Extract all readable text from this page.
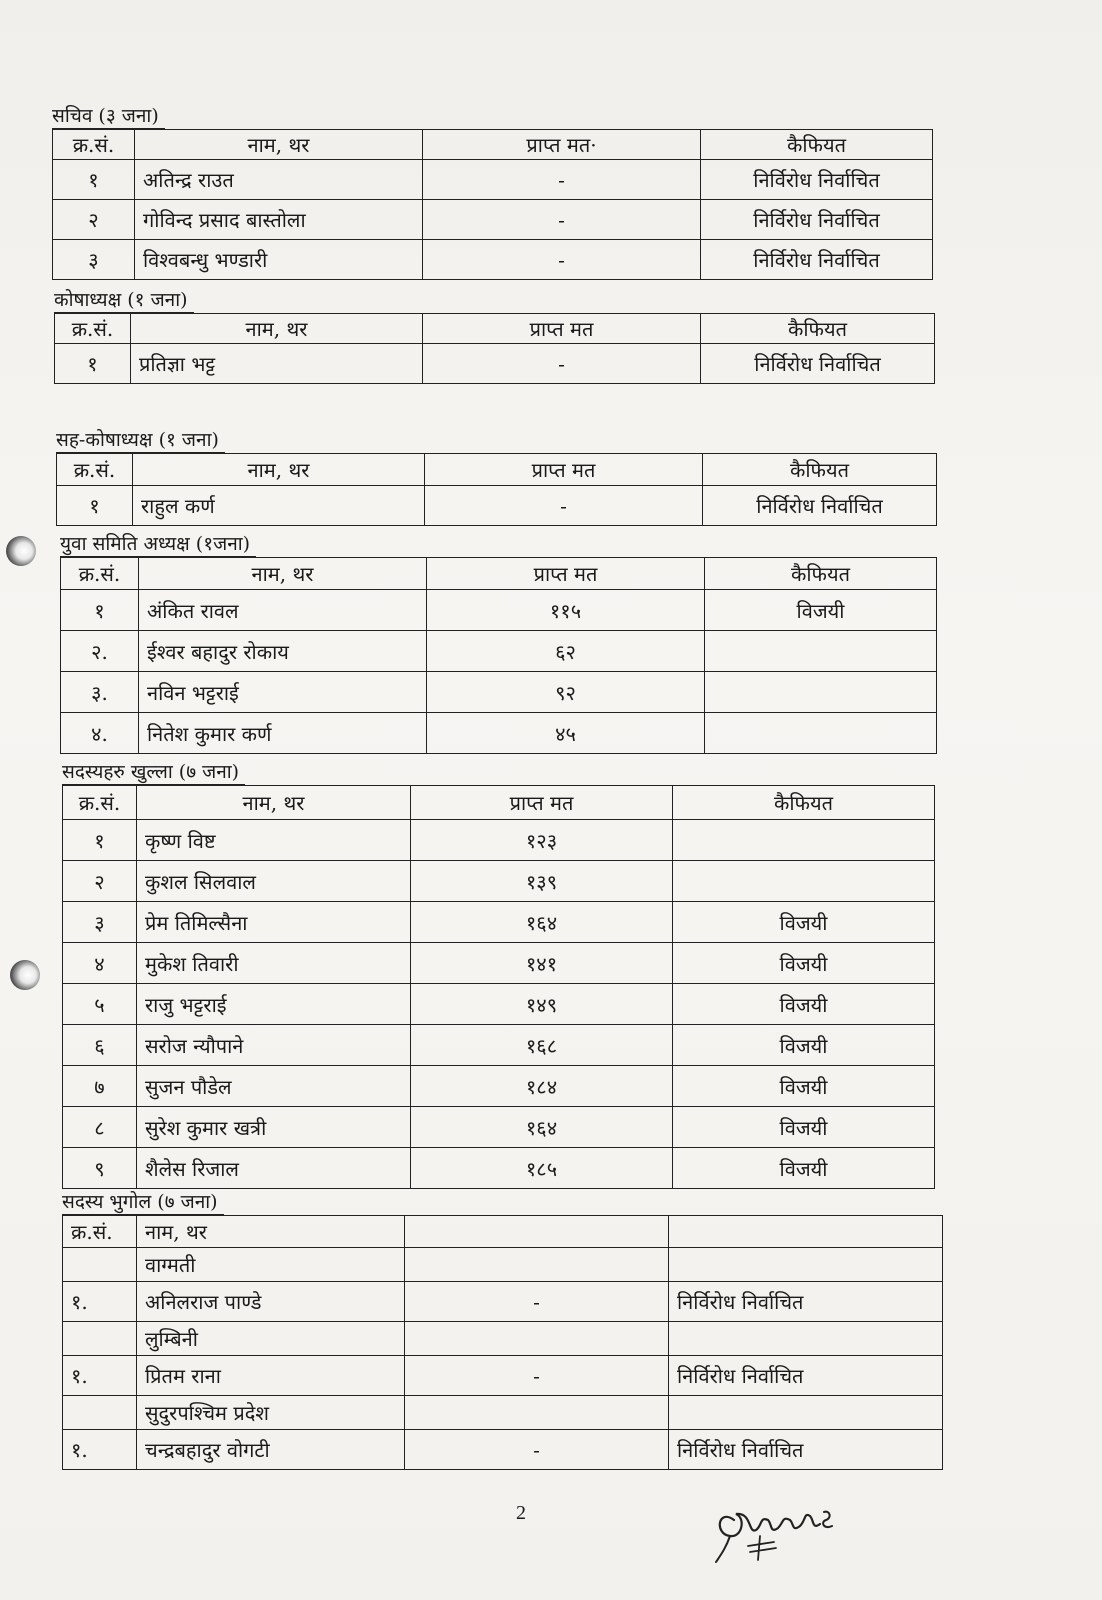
सचिव (३ जना)
क्र.सं.	नाम, थर	प्राप्त मत·	कैफियत
१	अतिन्द्र राउत	-	निर्विरोध निर्वाचित
२	गोविन्द प्रसाद बास्तोला	-	निर्विरोध निर्वाचित
३	विश्वबन्धु भण्डारी	-	निर्विरोध निर्वाचित
कोषाध्यक्ष (१ जना)
क्र.सं.	नाम, थर	प्राप्त मत	कैफियत
१	प्रतिज्ञा भट्ट	-	निर्विरोध निर्वाचित
सह-कोषाध्यक्ष (१ जना)
क्र.सं.	नाम, थर	प्राप्त मत	कैफियत
१	राहुल कर्ण	-	निर्विरोध निर्वाचित
युवा समिति अध्यक्ष (१जना)
क्र.सं.	नाम, थर	प्राप्त मत	कैफियत
१	अंकित रावल	११५	विजयी
२.	ईश्वर बहादुर रोकाय	६२	
३.	नविन भट्टराई	९२	
४.	नितेश कुमार कर्ण	४५	
सदस्यहरु खुल्ला (७ जना)
क्र.सं.	नाम, थर	प्राप्त मत	कैफियत
१	कृष्ण विष्ट	१२३	
२	कुशल सिलवाल	१३९	
३	प्रेम तिमिल्सैना	१६४	विजयी
४	मुकेश तिवारी	१४१	विजयी
५	राजु भट्टराई	१४९	विजयी
६	सरोज न्यौपाने	१६८	विजयी
७	सुजन पौडेल	१८४	विजयी
८	सुरेश कुमार खत्री	१६४	विजयी
९	शैलेस रिजाल	१८५	विजयी
सदस्य भुगोल (७ जना)
क्र.सं.	नाम, थर		
	वाग्मती		
१.	अनिलराज पाण्डे	-	निर्विरोध निर्वाचित
	लुम्बिनी		
१.	प्रितम राना	-	निर्विरोध निर्वाचित
	सुदुरपश्चिम प्रदेश		
१.	चन्द्रबहादुर वोगटी	-	निर्विरोध निर्वाचित
2
